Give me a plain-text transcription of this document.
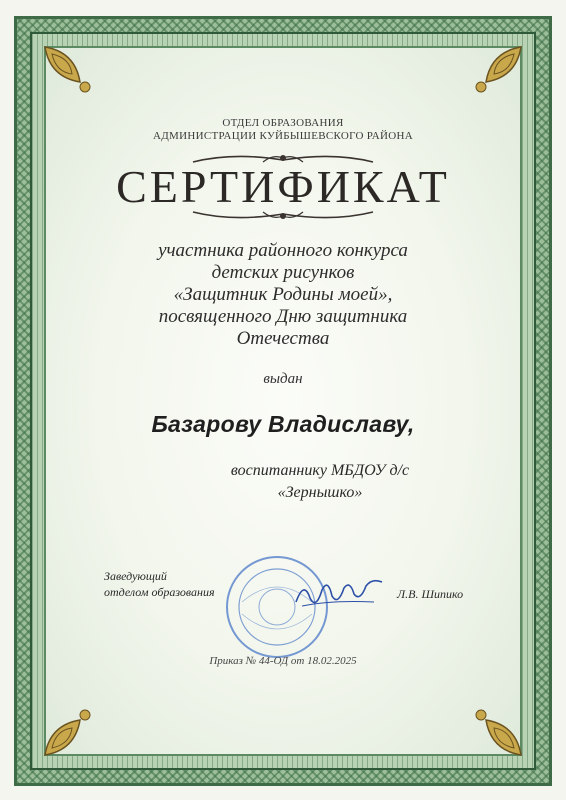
ОТДЕЛ ОБРАЗОВАНИЯ
АДМИНИСТРАЦИИ КУЙБЫШЕВСКОГО РАЙОНА
СЕРТИФИКАТ
участника районного конкурса
детских рисунков
«Защитник Родины моей»,
посвященного Дню защитника
Отечества
выдан
Базарову Владиславу,
воспитаннику МБДОУ д/с
«Зернышко»
Заведующий
отделом образования	Л.В. Шипико
Приказ № 44-ОД от 18.02.2025
